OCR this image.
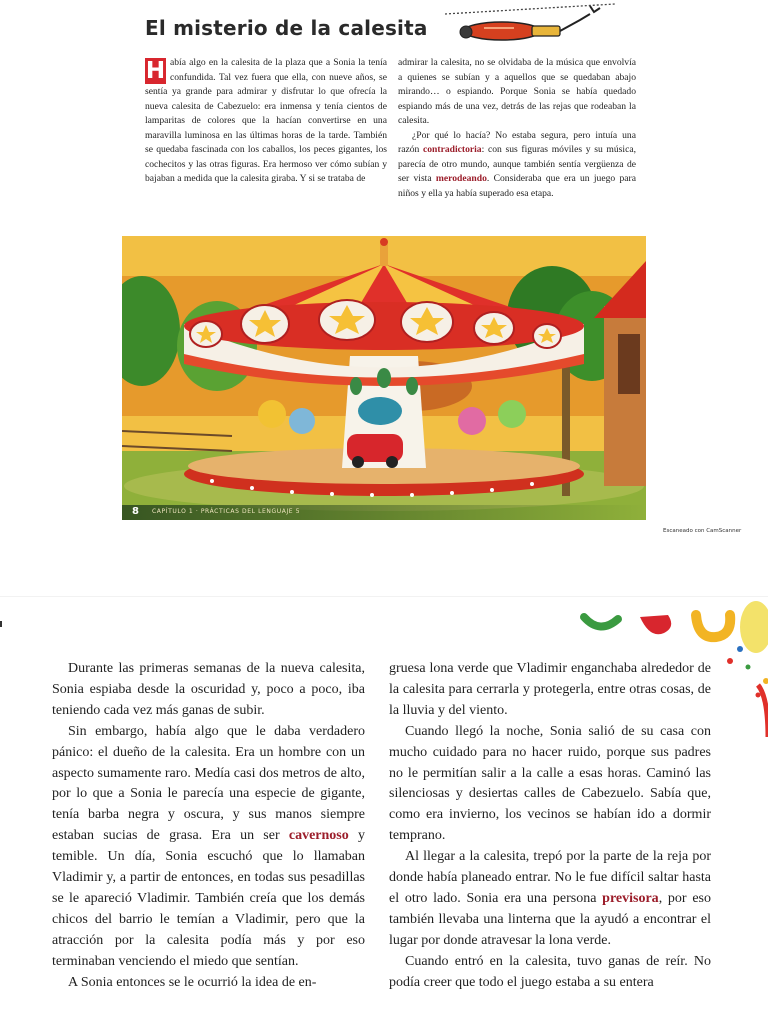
El misterio de la calesita

H abía algo en la calesita de la plaza que a Sonia la tenía confundida. Tal vez fuera que ella, con nueve años, se sentía ya grande para admirar y disfrutar lo que ofrecía la nueva calesita de Cabezuelo: era inmensa y tenía cientos de lamparitas de colores que la hacían convertirse en una maravilla luminosa en las últimas horas de la tarde. También se quedaba fascinada con los caballos, los peces gigantes, los cochecitos y las otras figuras. Era hermoso ver cómo subían y bajaban a medida que la calesita giraba. Y si se trataba de

admirar la calesita, no se olvidaba de la música que envolvía a quienes se subían y a aquellos que se quedaban abajo mirando… o espiando. Porque Sonia se había quedado espiando más de una vez, detrás de las rejas que rodeaban la calesita.

¿Por qué lo hacía? No estaba segura, pero intuía una razón contradictoria: con sus figuras móviles y su música, parecía de otro mundo, aunque también sentía vergüenza de ser vista merodeando. Consideraba que era un juego para niños y ella ya había superado esa etapa.

8 CAPÍTULO 1 · PRÁCTICAS DEL LENGUAJE 5
Escaneado con CamScanner

Durante las primeras semanas de la nueva calesita, Sonia espiaba desde la oscuridad y, poco a poco, iba teniendo cada vez más ganas de subir.

Sin embargo, había algo que le daba verdadero pánico: el dueño de la calesita. Era un hombre con un aspecto sumamente raro. Medía casi dos metros de alto, por lo que a Sonia le parecía una especie de gigante, tenía barba negra y oscura, y sus manos siempre estaban sucias de grasa. Era un ser cavernoso y temible. Un día, Sonia escuchó que lo llamaban Vladimir y, a partir de entonces, en todas sus pesadillas se le apareció Vladimir. También creía que los demás chicos del barrio le temían a Vladimir, pero que la atracción por la calesita podía más y por eso terminaban venciendo el miedo que sentían.

A Sonia entonces se le ocurrió la idea de en-

gruesa lona verde que Vladimir enganchaba alrededor de la calesita para cerrarla y protegerla, entre otras cosas, de la lluvia y del viento.

Cuando llegó la noche, Sonia salió de su casa con mucho cuidado para no hacer ruido, porque sus padres no le permitían salir a la calle a esas horas. Caminó las silenciosas y desiertas calles de Cabezuelo. Sabía que, como era invierno, los vecinos se habían ido a dormir temprano.

Al llegar a la calesita, trepó por la parte de la reja por donde había planeado entrar. No le fue difícil saltar hasta el otro lado. Sonia era una persona previsora, por eso también llevaba una linterna que la ayudó a encontrar el lugar por donde atravesar la lona verde.

Cuando entró en la calesita, tuvo ganas de reír. No podía creer que todo el juego estaba a su entera
